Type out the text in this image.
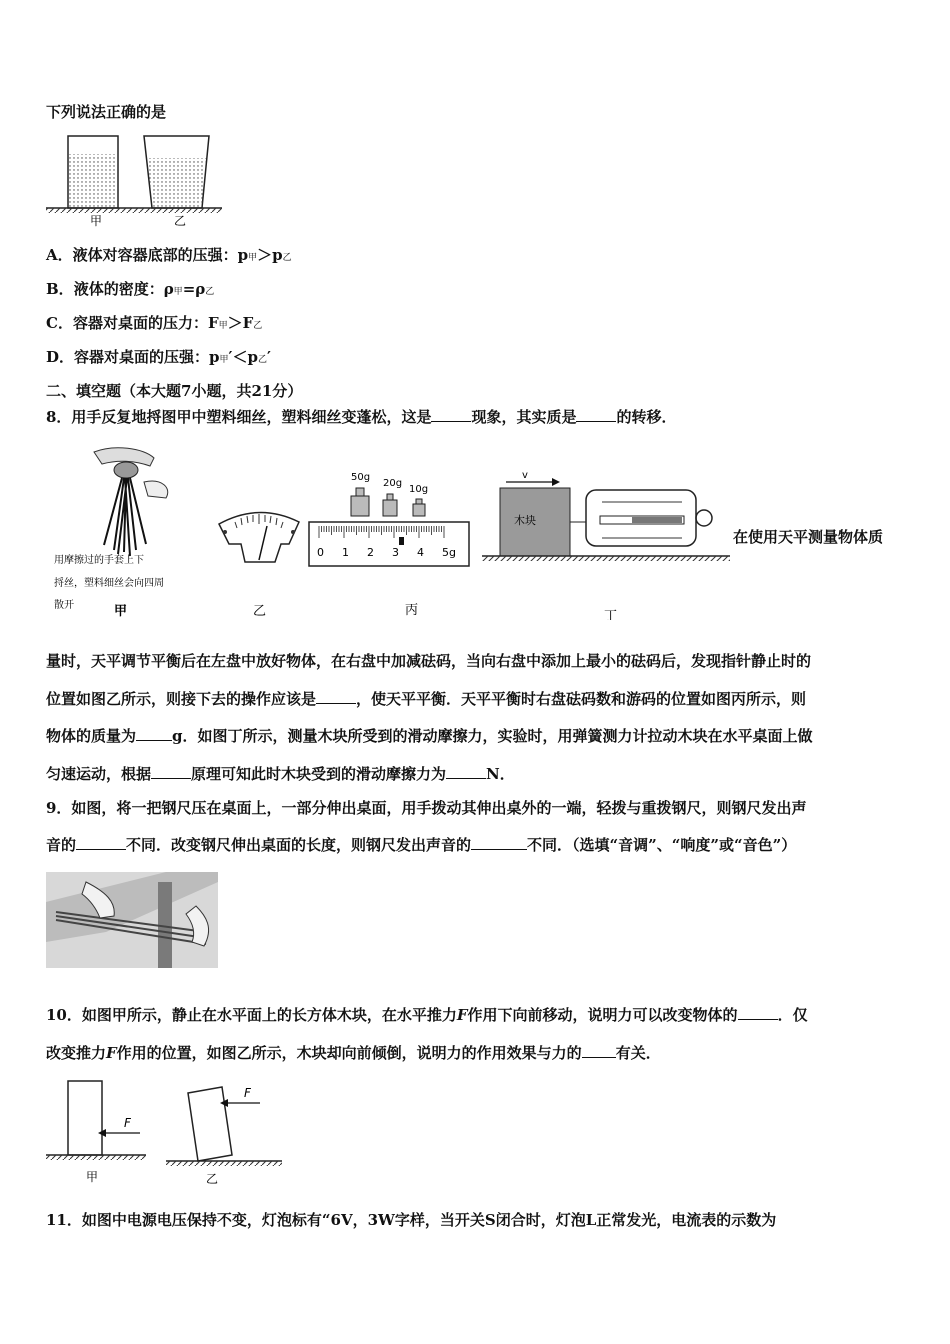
下列说法正确的是
甲	乙
A．液体对容器底部的压强：p甲＞p乙
B．液体的密度：ρ甲=ρ乙
C．容器对桌面的压力：F甲＞F乙
D．容器对桌面的压强：p甲′＜p乙′
二、填空题（本大题7小题，共21分）
8．用手反复地捋图甲中塑料细丝，塑料细丝变蓬松，这是	现象，其实质是	的转移．
用摩擦过的手套上下
捋丝，塑料细丝会向四周
散开	甲	乙
50g
20g
10g
0 1 2 3 4 5g
丙
v
木块
丁
在使用天平测量物体质
量时，天平调节平衡后在左盘中放好物体，在右盘中加减砝码，当向右盘中添加上最小的砝码后，发现指针静止时的
位置如图乙所示，则接下去的操作应该是	，使天平平衡．天平平衡时右盘砝码数和游码的位置如图丙所示，则
物体的质量为 g．如图丁所示，测量木块所受到的滑动摩擦力，实验时，用弹簧测力计拉动木块在水平桌面上做
匀速运动，根据	原理可知此时木块受到的滑动摩擦力为	N．
9．如图，将一把钢尺压在桌面上，一部分伸出桌面，用手拨动其伸出桌外的一端，轻拨与重拨钢尺，则钢尺发出声
音的	不同．改变钢尺伸出桌面的长度，则钢尺发出声音的	不同．（选填“音调”、“响度”或“音色”）
10．如图甲所示，静止在水平面上的长方体木块，在水平推力F作用下向前移动，说明力可以改变物体的	．仅
改变推力F作用的位置，如图乙所示，木块却向前倾倒，说明力的作用效果与力的 有关．
F
甲
F
乙
11．如图中电源电压保持不变，灯泡标有“6V，3W字样，当开关S闭合时，灯泡L正常发光，电流表的示数为
